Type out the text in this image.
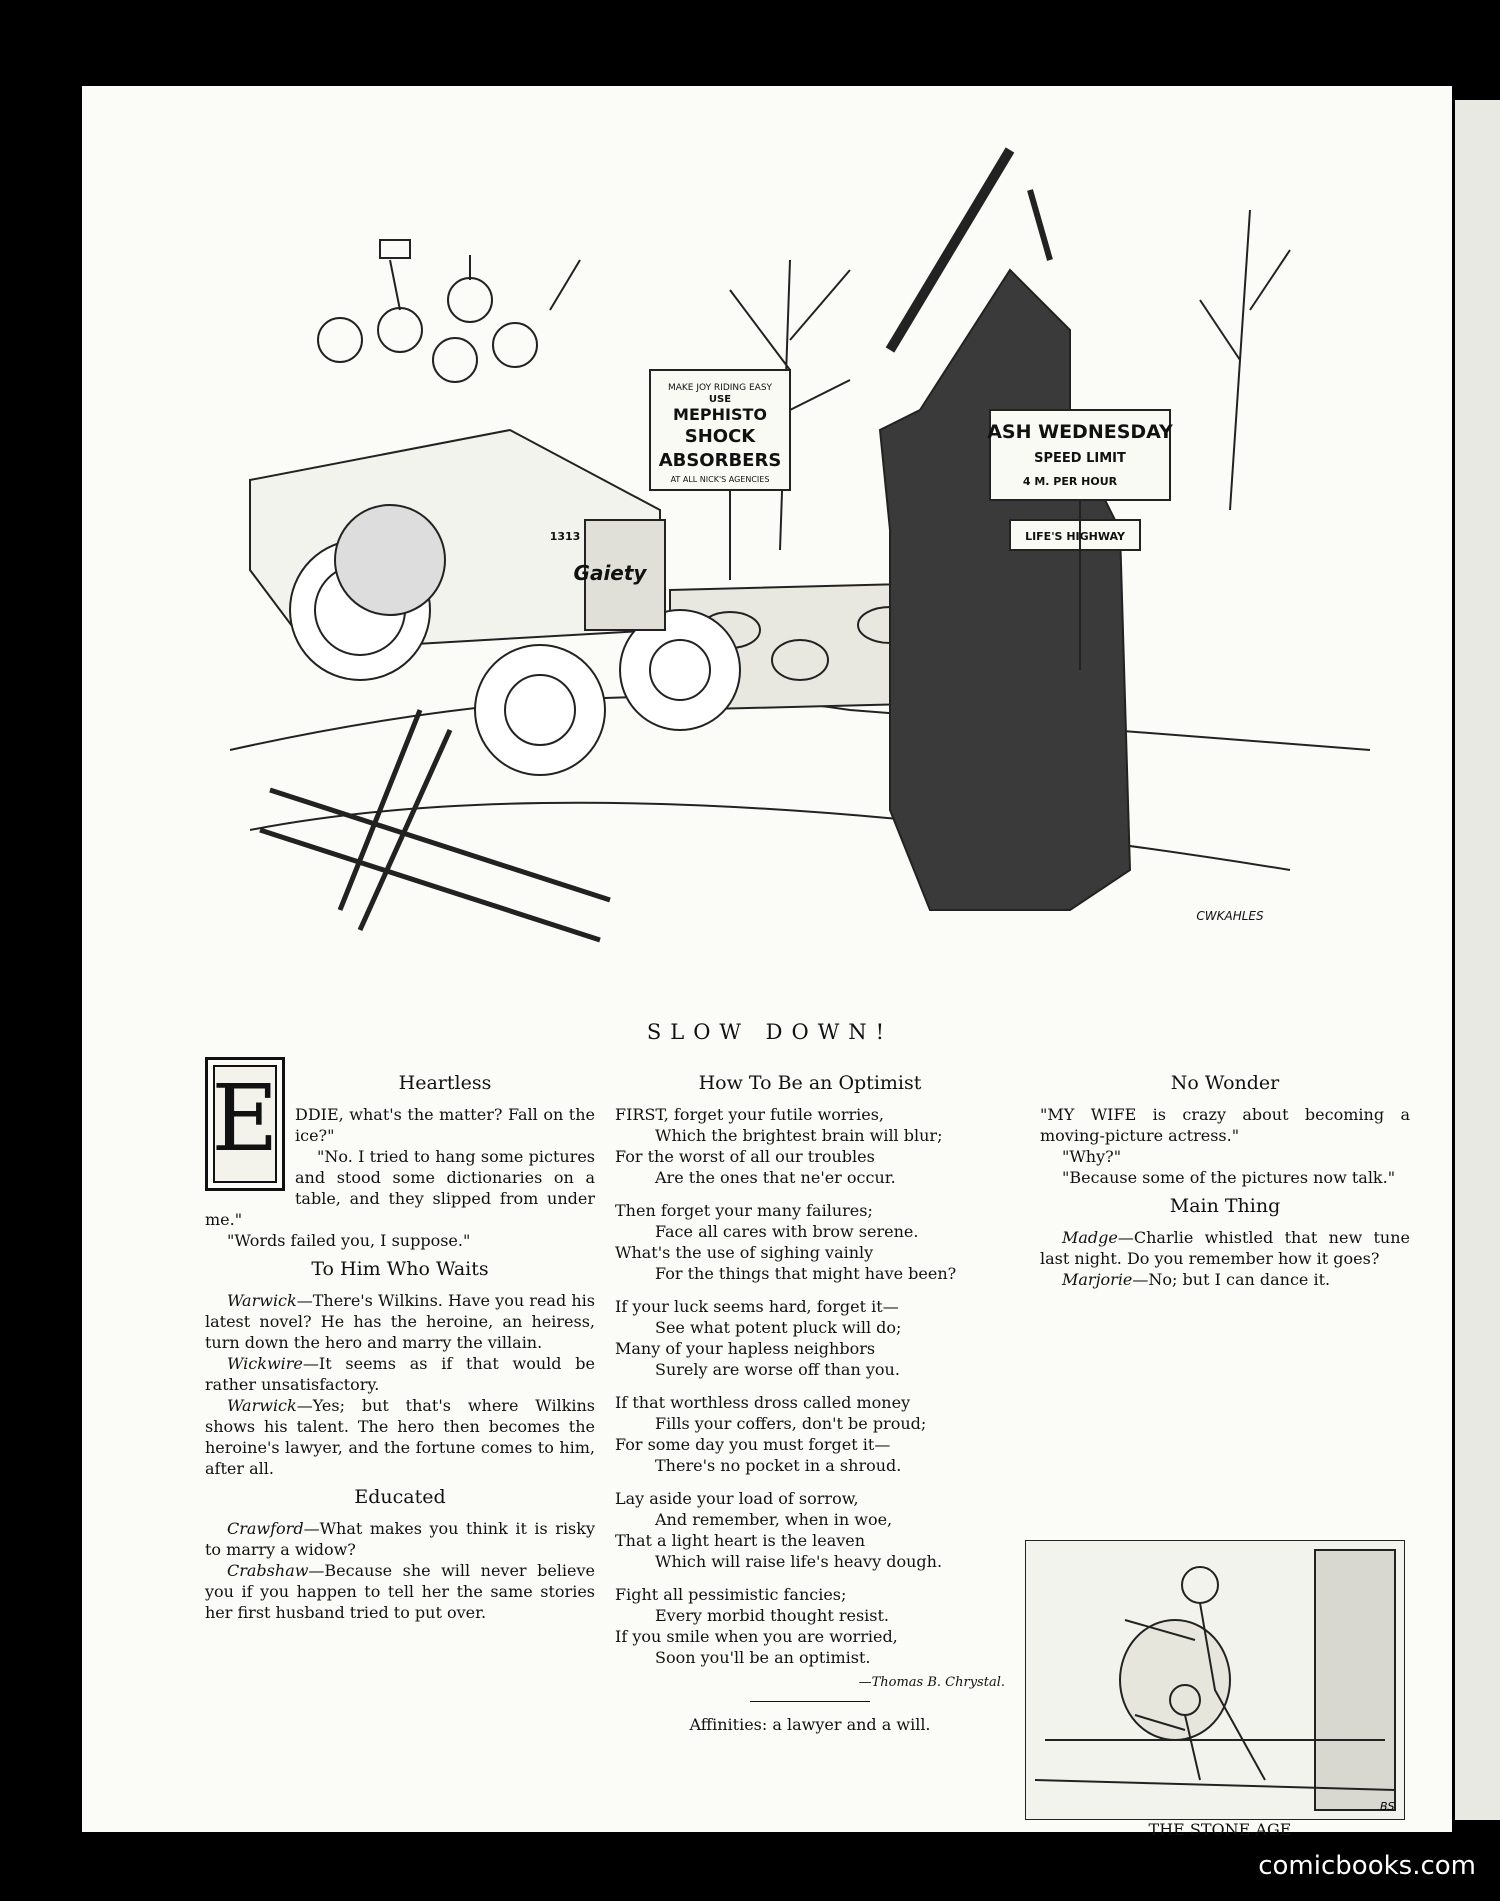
MAKE JOY RIDING EASY
USE
MEPHISTO
SHOCK
ABSORBERS
AT ALL NICK'S AGENCIES
ASH WEDNESDAY
SPEED LIMIT
4 M. PER HOUR
LIFE'S HIGHWAY
1313
Gaiety
CWKAHLES
SLOW DOWN!
E	Heartless

DDIE, what's the matter? Fall on the ice?"

"No. I tried to hang some pictures and stood some dictionaries on a table, and they slipped from under me."

"Words failed you, I suppose."

To Him Who Waits

Warwick—There's Wilkins. Have you read his latest novel? He has the heroine, an heiress, turn down the hero and marry the villain.

Wickwire—It seems as if that would be rather unsatisfactory.

Warwick—Yes; but that's where Wilkins shows his talent. The hero then becomes the heroine's lawyer, and the fortune comes to him, after all.

Educated

Crawford—What makes you think it is risky to marry a widow?

Crabshaw—Because she will never believe you if you happen to tell her the same stories her first husband tried to put over.

How To Be an Optimist

FIRST, forget your futile worries,

Which the brightest brain will blur;

For the worst of all our troubles

Are the ones that ne'er occur.

Then forget your many failures;

Face all cares with brow serene.

What's the use of sighing vainly

For the things that might have been?

If your luck seems hard, forget it—

See what potent pluck will do;

Many of your hapless neighbors

Surely are worse off than you.

If that worthless dross called money

Fills your coffers, don't be proud;

For some day you must forget it—

There's no pocket in a shroud.

Lay aside your load of sorrow,

And remember, when in woe,

That a light heart is the leaven

Which will raise life's heavy dough.

Fight all pessimistic fancies;

Every morbid thought resist.

If you smile when you are worried,

Soon you'll be an optimist.

—Thomas B. Chrystal.

Affinities: a lawyer and a will.

No Wonder

"MY WIFE is crazy about becoming a moving-picture actress."

"Why?"

"Because some of the pictures now talk."

Main Thing

Madge—Charlie whistled that new tune last night. Do you remember how it goes?

Marjorie—No; but I can dance it.

BS
THE STONE AGE
comicbooks.com
